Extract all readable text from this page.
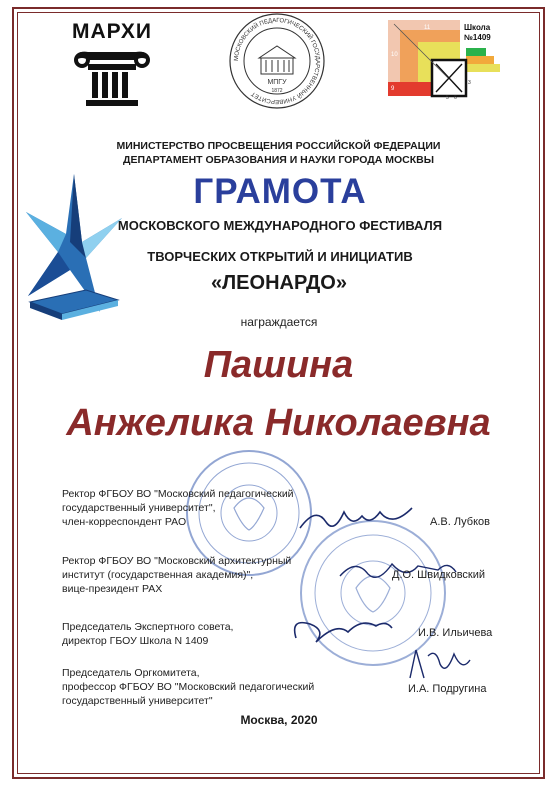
МАРХИ
МОСКОВСКИЙ ПЕДАГОГИЧЕСКИЙ ГОСУДАРСТВЕННЫЙ УНИВЕРСИТЕТ
МПГУ
1872
Школа
№1409
11
10
9
5 6
3
МИНИСТЕРСТВО ПРОСВЕЩЕНИЯ РОССИЙСКОЙ ФЕДЕРАЦИИ
ДЕПАРТАМЕНТ ОБРАЗОВАНИЯ И НАУКИ ГОРОДА МОСКВЫ
ГРАМОТА
МОСКОВСКОГО МЕЖДУНАРОДНОГО ФЕСТИВАЛЯ
ТВОРЧЕСКИХ ОТКРЫТИЙ И ИНИЦИАТИВ
«ЛЕОНАРДО»
награждается
Пашина
Анжелика Николаевна
Ректор ФГБОУ ВО "Московский педагогический
государственный университет",
член-корреспондент РАО	А.В. Лубков
Ректор ФГБОУ ВО "Московский архитектурный
институт (государственная академия)",
вице-президент РАХ
Д.О. Швидковский
Председатель Экспертного совета,
директор ГБОУ Школа N 1409
И.В. Ильичева
Председатель Оргкомитета,
профессор ФГБОУ ВО "Московский педагогический
государственный университет"
И.А. Подругина
Москва, 2020
